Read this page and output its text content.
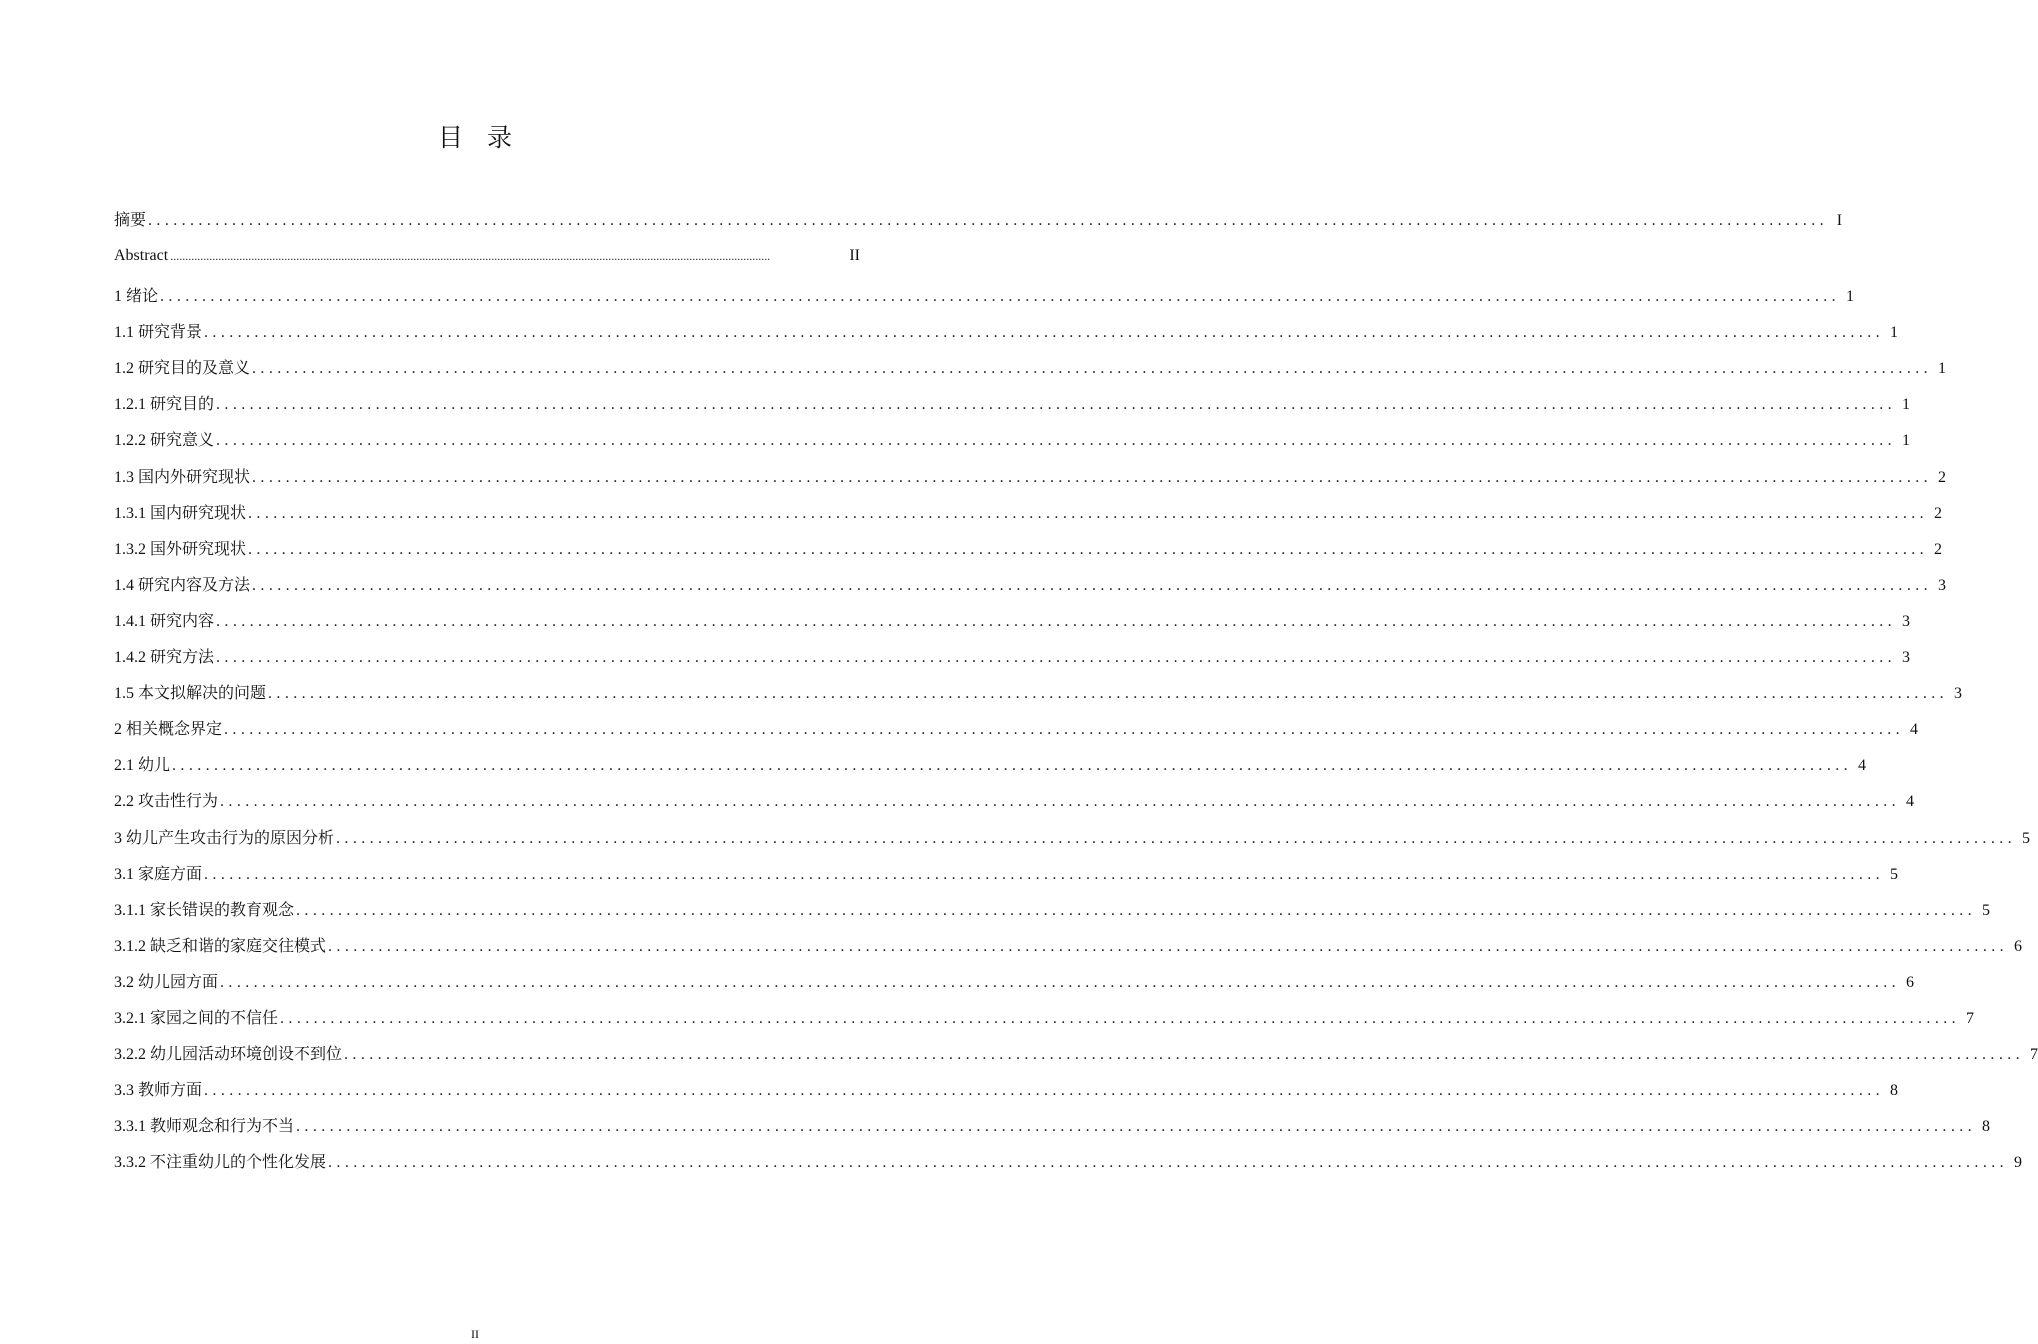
目录
摘要 ........................................................................................................................................................................................................ I
Abstract ........................................................................................................................................................................................................	II
1 绪论 ........................................................................................................................................................................................................ 1
1.1 研究背景 ........................................................................................................................................................................................................ 1
1.2 研究目的及意义 ........................................................................................................................................................................................................ 1
1.2.1 研究目的 ........................................................................................................................................................................................................ 1
1.2.2 研究意义 ........................................................................................................................................................................................................ 1
1.3 国内外研究现状 ........................................................................................................................................................................................................ 2
1.3.1 国内研究现状 ........................................................................................................................................................................................................ 2
1.3.2 国外研究现状 ........................................................................................................................................................................................................ 2
1.4 研究内容及方法 ........................................................................................................................................................................................................ 3
1.4.1 研究内容 ........................................................................................................................................................................................................ 3
1.4.2 研究方法 ........................................................................................................................................................................................................ 3
1.5 本文拟解决的问题 ........................................................................................................................................................................................................ 3
2 相关概念界定 ........................................................................................................................................................................................................ 4
2.1 幼儿 ........................................................................................................................................................................................................ 4
2.2 攻击性行为 ........................................................................................................................................................................................................ 4
3 幼儿产生攻击行为的原因分析 ........................................................................................................................................................................................................ 5
3.1 家庭方面 ........................................................................................................................................................................................................ 5
3.1.1 家长错误的教育观念 ........................................................................................................................................................................................................ 5
3.1.2 缺乏和谐的家庭交往模式 ........................................................................................................................................................................................................ 6
3.2 幼儿园方面 ........................................................................................................................................................................................................ 6
3.2.1 家园之间的不信任 ........................................................................................................................................................................................................ 7
3.2.2 幼儿园活动环境创设不到位 ........................................................................................................................................................................................................ 7
3.3 教师方面 ........................................................................................................................................................................................................ 8
3.3.1 教师观念和行为不当 ........................................................................................................................................................................................................ 8
3.3.2 不注重幼儿的个性化发展 ........................................................................................................................................................................................................ 9
II
